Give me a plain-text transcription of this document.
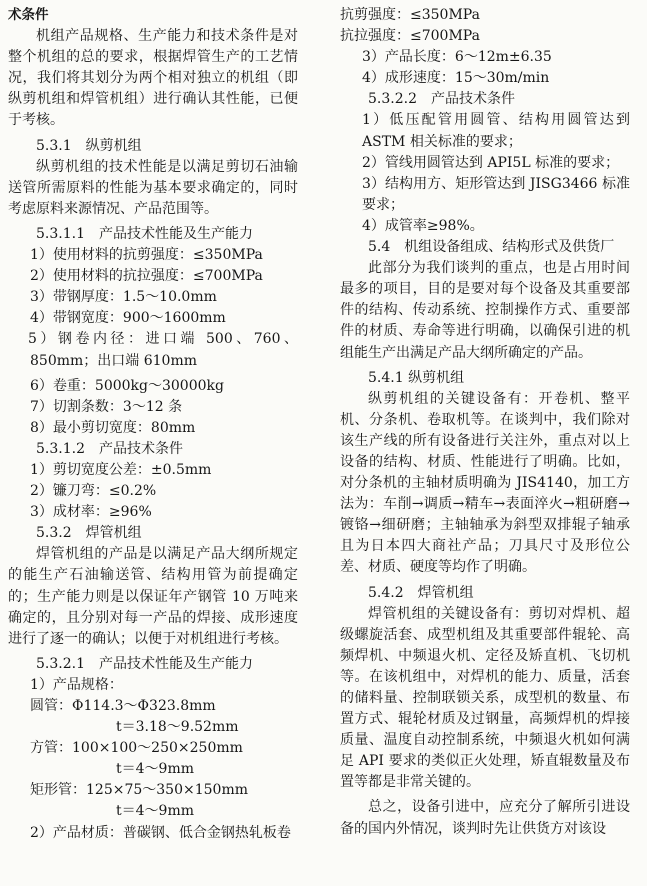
术条件

机组产品规格、生产能力和技术条件是对整个机组的总的要求，根据焊管生产的工艺情况，我们将其划分为两个相对独立的机组（即纵剪机组和焊管机组）进行确认其性能，已便于考核。

5.3.1　纵剪机组

纵剪机组的技术性能是以满足剪切石油输送管所需原料的性能为基本要求确定的，同时考虑原料来源情况、产品范围等。

5.3.1.1　产品技术性能及生产能力

1）使用材料的抗剪强度：≤350MPa

2）使用材料的抗拉强度：≤700MPa

3）带钢厚度：1.5～10.0mm

4）带钢宽度：900～1600mm

5）钢卷内径：进口端 500、760、850mm；出口端 610mm

6）卷重：5000kg～30000kg

7）切割条数：3～12 条

8）最小剪切宽度：80mm

5.3.1.2　产品技术条件

1）剪切宽度公差：±0.5mm

2）镰刀弯：≤0.2%

3）成材率：≥96%

5.3.2　焊管机组

焊管机组的产品是以满足产品大纲所规定的能生产石油输送管、结构用管为前提确定的；生产能力则是以保证年产钢管 10 万吨来确定的，且分别对每一产品的焊接、成形速度进行了逐一的确认；以便于对机组进行考核。

5.3.2.1　产品技术性能及生产能力

1）产品规格：

圆管：Φ114.3～Φ323.8mm

t＝3.18～9.52mm

方管：100×100～250×250mm

t＝4～9mm

矩形管：125×75～350×150mm

t＝4～9mm

2）产品材质：普碳钢、低合金钢热轧板卷

抗剪强度：≤350MPa

抗拉强度：≤700MPa

3）产品长度：6～12m±6.35

4）成形速度：15～30m/min

5.3.2.2　产品技术条件

1）低压配管用圆管、结构用圆管达到 ASTM 相关标准的要求；

2）管线用圆管达到 API5L 标准的要求；

3）结构用方、矩形管达到 JISG3466 标准要求；

4）成管率≥98%。

5.4　机组设备组成、结构形式及供货厂

此部分为我们谈判的重点，也是占用时间最多的项目，目的是要对每个设备及其重要部件的结构、传动系统、控制操作方式、重要部件的材质、寿命等进行明确，以确保引进的机组能生产出满足产品大纲所确定的产品。

5.4.1 纵剪机组

纵剪机组的关键设备有：开卷机、整平机、分条机、卷取机等。在谈判中，我们除对该生产线的所有设备进行关注外，重点对以上设备的结构、材质、性能进行了明确。比如，对分条机的主轴材质明确为 JIS4140，加工方法为：车削→调质→精车→表面淬火→粗研磨→镀铬→细研磨；主轴轴承为斜型双排辊子轴承且为日本四大商社产品；刀具尺寸及形位公差、材质、硬度等均作了明确。

5.4.2　焊管机组

焊管机组的关键设备有：剪切对焊机、超级螺旋活套、成型机组及其重要部件辊轮、高频焊机、中频退火机、定径及矫直机、飞切机等。在该机组中，对焊机的能力、质量，活套的储料量、控制联锁关系，成型机的数量、布置方式、辊轮材质及过钢量，高频焊机的焊接质量、温度自动控制系统，中频退火机如何满足 API 要求的类似正火处理，矫直辊数量及布置等都是非常关键的。

总之，设备引进中，应充分了解所引进设备的国内外情况，谈判时先让供货方对该设
